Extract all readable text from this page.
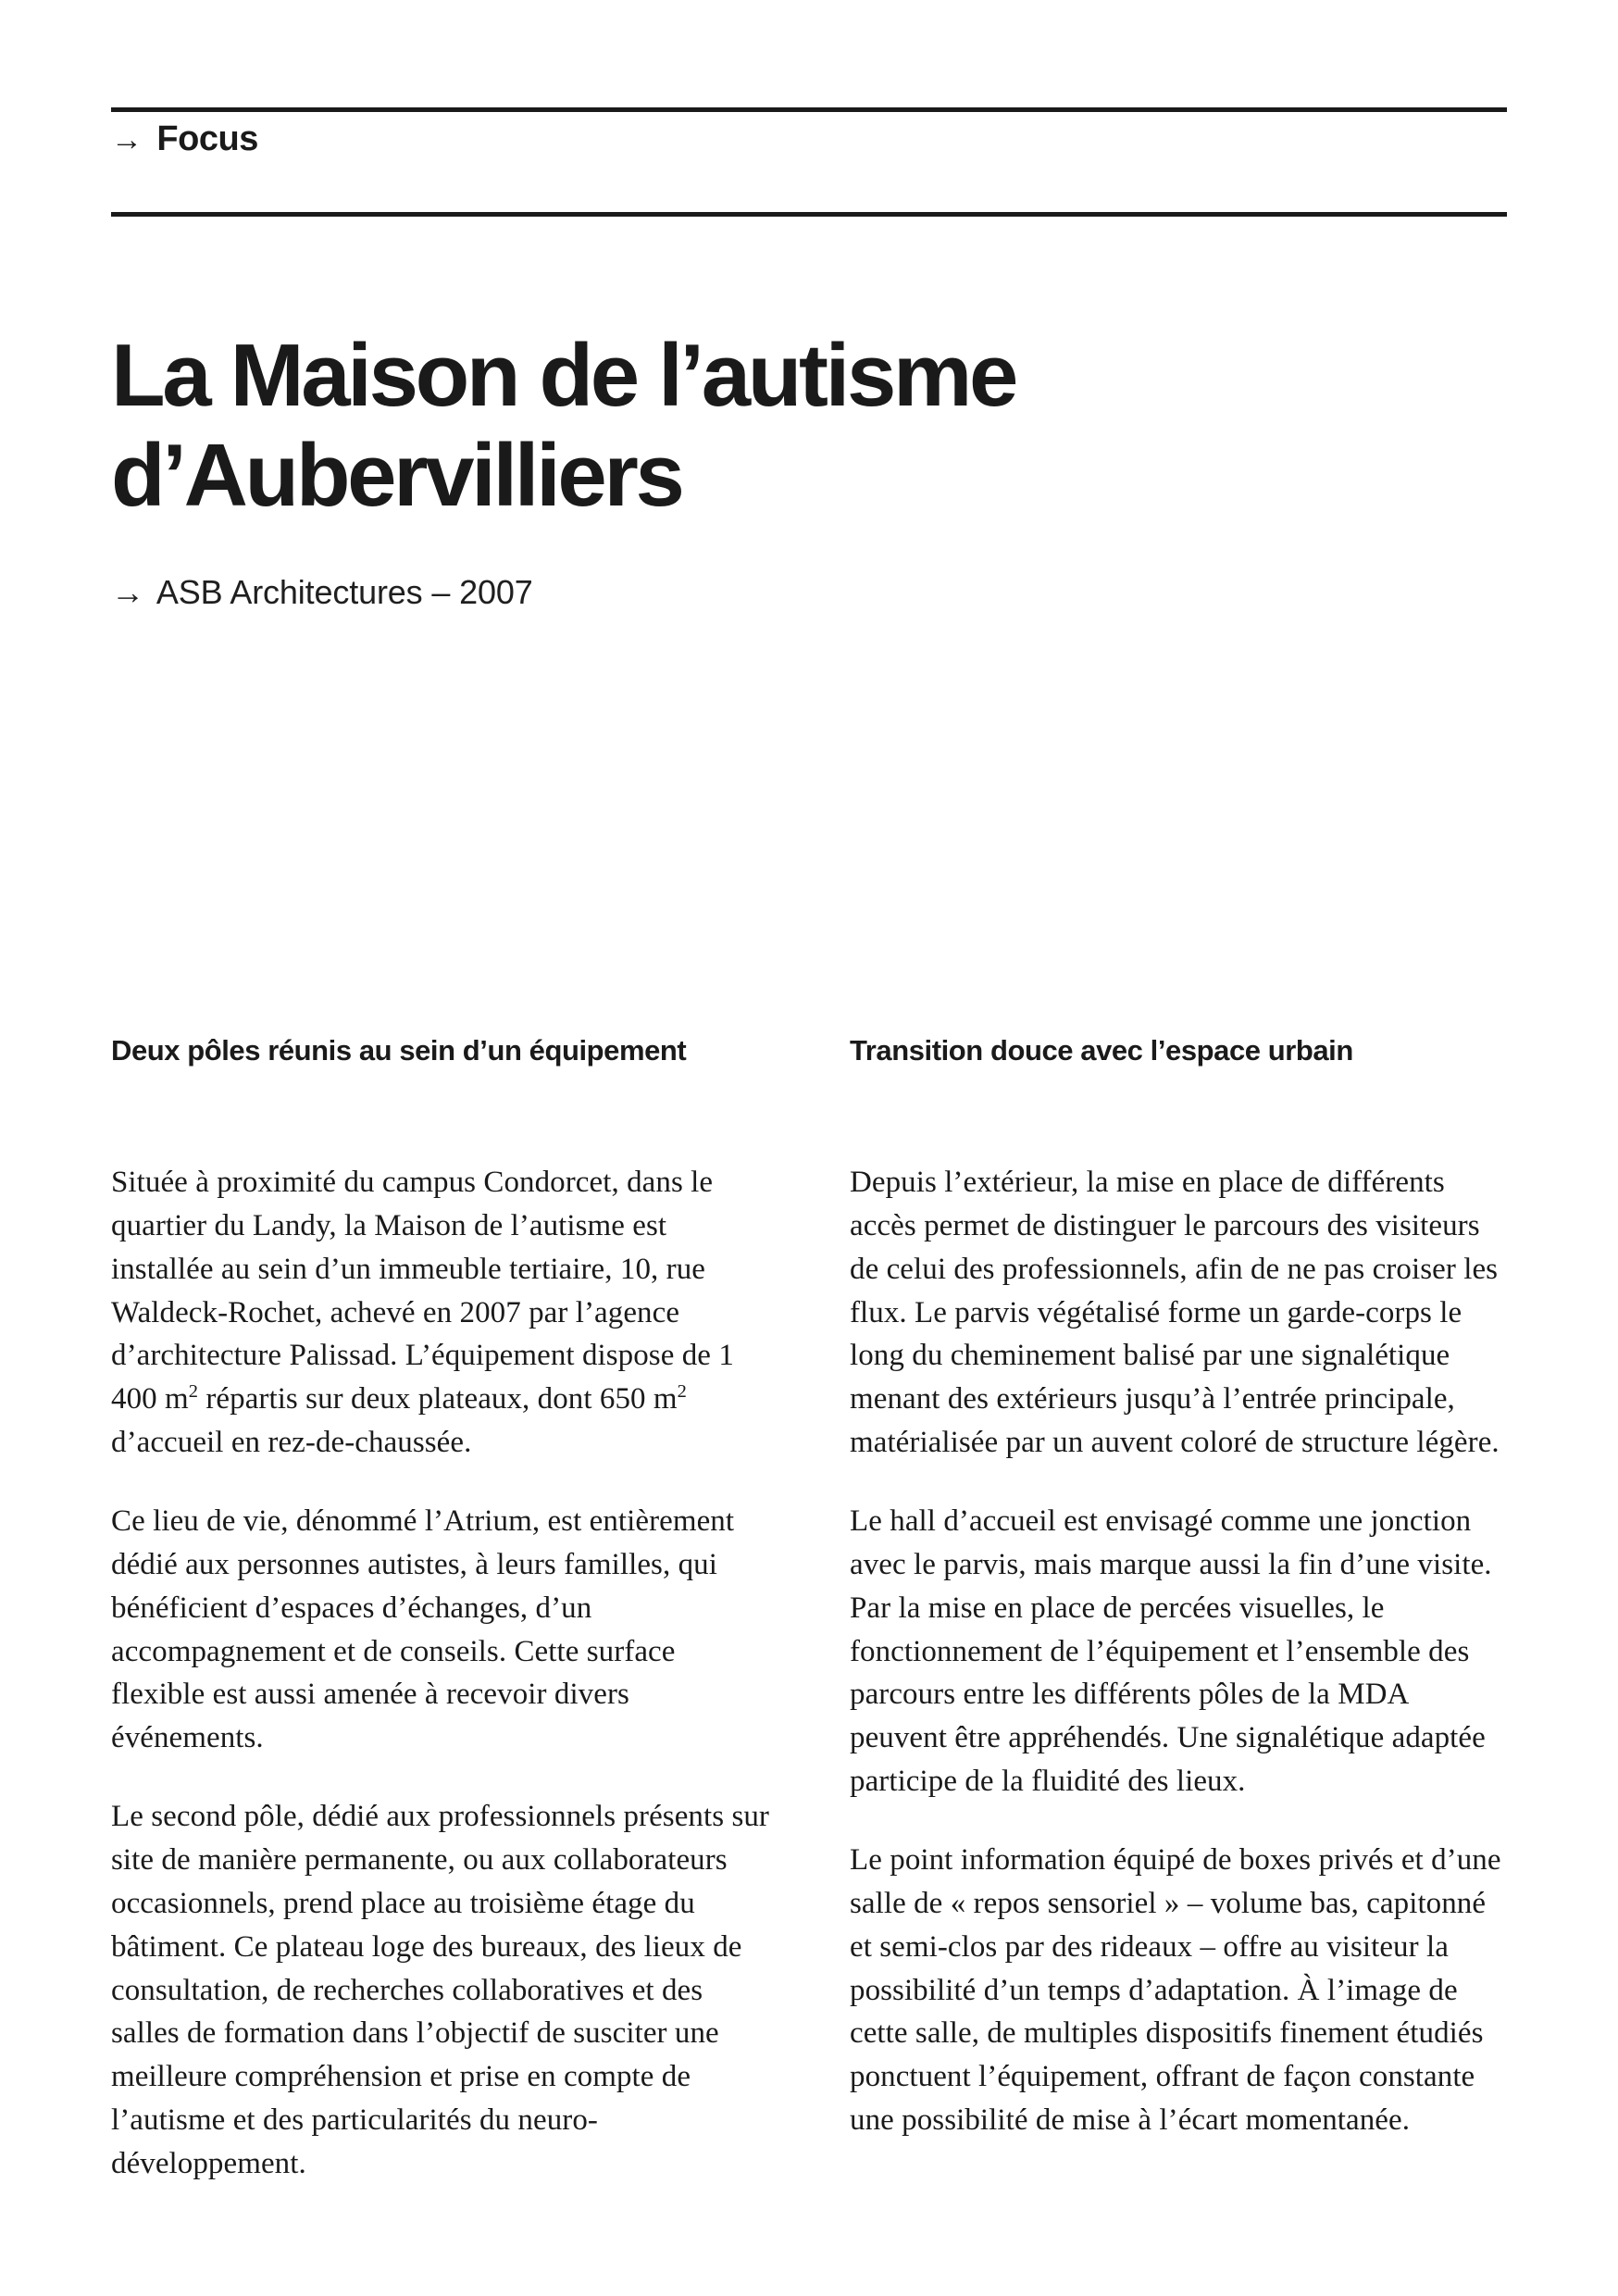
→ Focus
La Maison de l’autisme d’Aubervilliers

→ ASB Architectures – 2007

Deux pôles réunis au sein d’un équipement

Située à proximité du campus Condorcet, dans le quartier du Landy, la Maison de l’autisme est installée au sein d’un immeuble tertiaire, 10, rue Waldeck-Rochet, achevé en 2007 par l’agence d’architecture Palissad. L’équipement dispose de 1 400 $m^2$ répartis sur deux plateaux, dont 650 $m^2$ d’accueil en rez-de-chaussée.

Ce lieu de vie, dénommé l’Atrium, est entièrement dédié aux personnes autistes, à leurs familles, qui bénéficient d’espaces d’échanges, d’un accompagnement et de conseils. Cette surface flexible est aussi amenée à recevoir divers événements.

Le second pôle, dédié aux professionnels présents sur site de manière permanente, ou aux collaborateurs occasionnels, prend place au troisième étage du bâtiment. Ce plateau loge des bureaux, des lieux de consultation, de recherches collaboratives et des salles de formation dans l’objectif de susciter une meilleure compréhension et prise en compte de l’autisme et des particularités du neuro-développement.

Transition douce avec l’espace urbain

Depuis l’extérieur, la mise en place de différents accès permet de distinguer le parcours des visiteurs de celui des professionnels, afin de ne pas croiser les flux. Le parvis végétalisé forme un garde-corps le long du cheminement balisé par une signalétique menant des extérieurs jusqu’à l’entrée principale, matérialisée par un auvent coloré de structure légère.

Le hall d’accueil est envisagé comme une jonction avec le parvis, mais marque aussi la fin d’une visite. Par la mise en place de percées visuelles, le fonctionnement de l’équipement et l’ensemble des parcours entre les différents pôles de la MDA peuvent être appréhendés. Une signalétique adaptée participe de la fluidité des lieux.

Le point information équipé de boxes privés et d’une salle de « repos sensoriel » – volume bas, capitonné et semi-clos par des rideaux – offre au visiteur la possibilité d’un temps d’adaptation. À l’image de cette salle, de multiples dispositifs finement étudiés ponctuent l’équipement, offrant de façon constante une possibilité de mise à l’écart momentanée.
